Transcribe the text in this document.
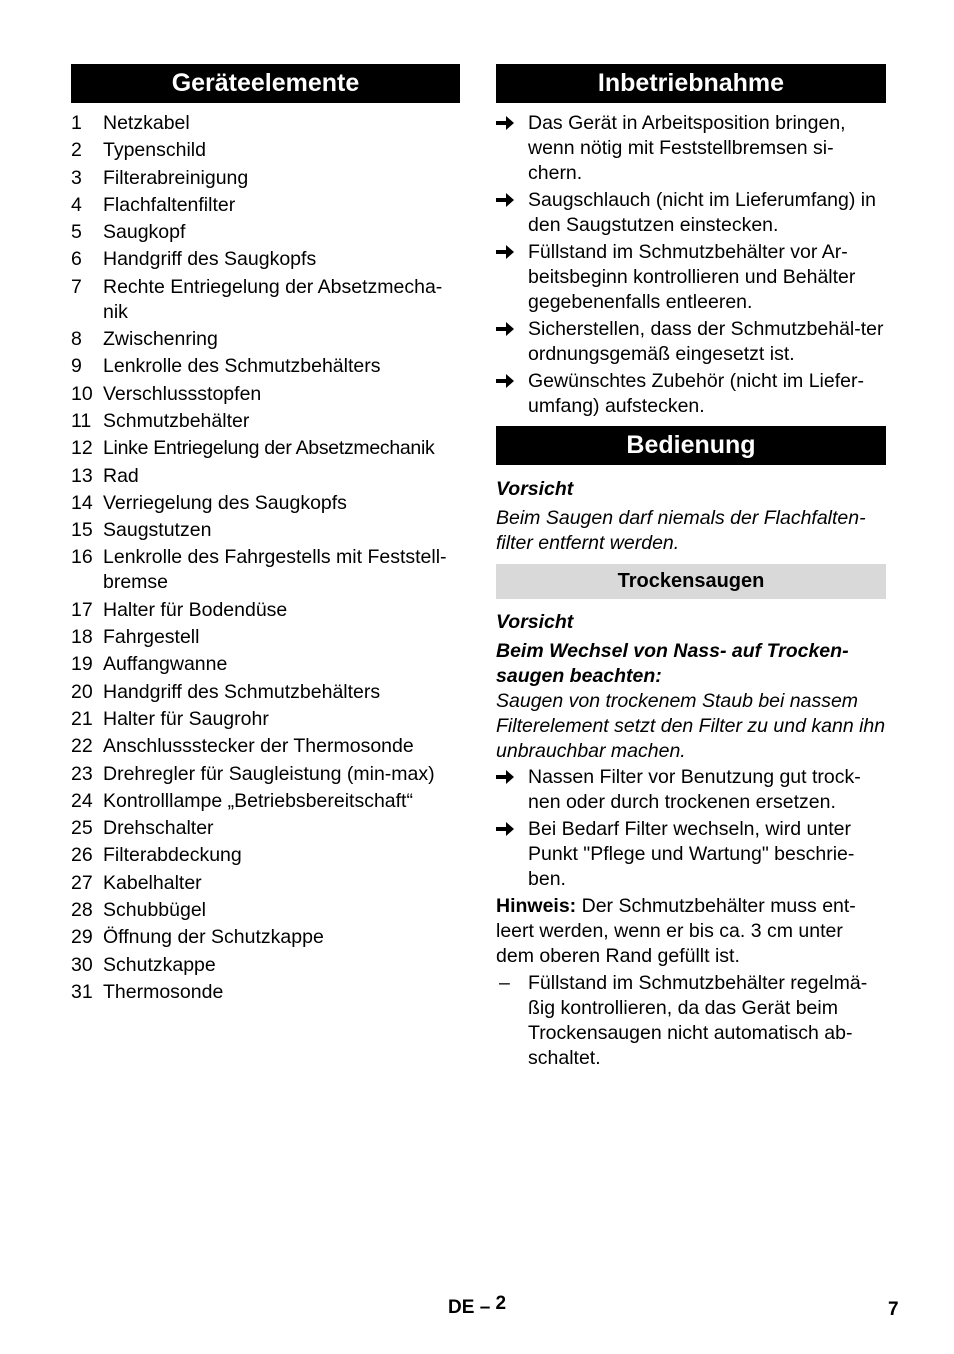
Geräteelemente
1	Netzkabel
2	Typenschild
3	Filterabreinigung
4	Flachfaltenfilter
5	Saugkopf
6	Handgriff des Saugkopfs
7	Rechte Entriegelung der Absetzmecha-nik
8	Zwischenring
9	Lenkrolle des Schmutzbehälters
10 Verschlussstopfen
11 Schmutzbehälter
12 Linke Entriegelung der Absetzmechanik
13 Rad
14 Verriegelung des Saugkopfs
15 Saugstutzen
16 Lenkrolle des Fahrgestells mit Feststell-bremse
17 Halter für Bodendüse
18 Fahrgestell
19 Auffangwanne
20 Handgriff des Schmutzbehälters
21 Halter für Saugrohr
22 Anschlussstecker der Thermosonde
23 Drehregler für Saugleistung (min-max)
24 Kontrolllampe „Betriebsbereitschaft“
25 Drehschalter
26 Filterabdeckung
27 Kabelhalter
28 Schubbügel
29 Öffnung der Schutzkappe
30 Schutzkappe
31 Thermosonde
Inbetriebnahme
Das Gerät in Arbeitsposition bringen, wenn nötig mit Feststellbremsen si-chern.
Saugschlauch (nicht im Lieferumfang) in den Saugstutzen einstecken.
Füllstand im Schmutzbehälter vor Ar-beitsbeginn kontrollieren und Behälter gegebenenfalls entleeren.
Sicherstellen, dass der Schmutzbehäl-ter ordnungsgemäß eingesetzt ist.
Gewünschtes Zubehör (nicht im Liefer-umfang) aufstecken.
Bedienung
Vorsicht
Beim Saugen darf niemals der Flachfalten-filter entfernt werden.
Trockensaugen
Vorsicht
Beim Wechsel von Nass- auf Trocken-saugen beachten:
Saugen von trockenem Staub bei nassem Filterelement setzt den Filter zu und kann ihn unbrauchbar machen.
Nassen Filter vor Benutzung gut trock-nen oder durch trockenen ersetzen.
Bei Bedarf Filter wechseln, wird unter Punkt "Pflege und Wartung" beschrie-ben.
Hinweis: Der Schmutzbehälter muss ent-leert werden, wenn er bis ca. 3 cm unter dem oberen Rand gefüllt ist.
– Füllstand im Schmutzbehälter regelmä-ßig kontrollieren, da das Gerät beim Trockensaugen nicht automatisch ab-schaltet.
DE – 2	7
